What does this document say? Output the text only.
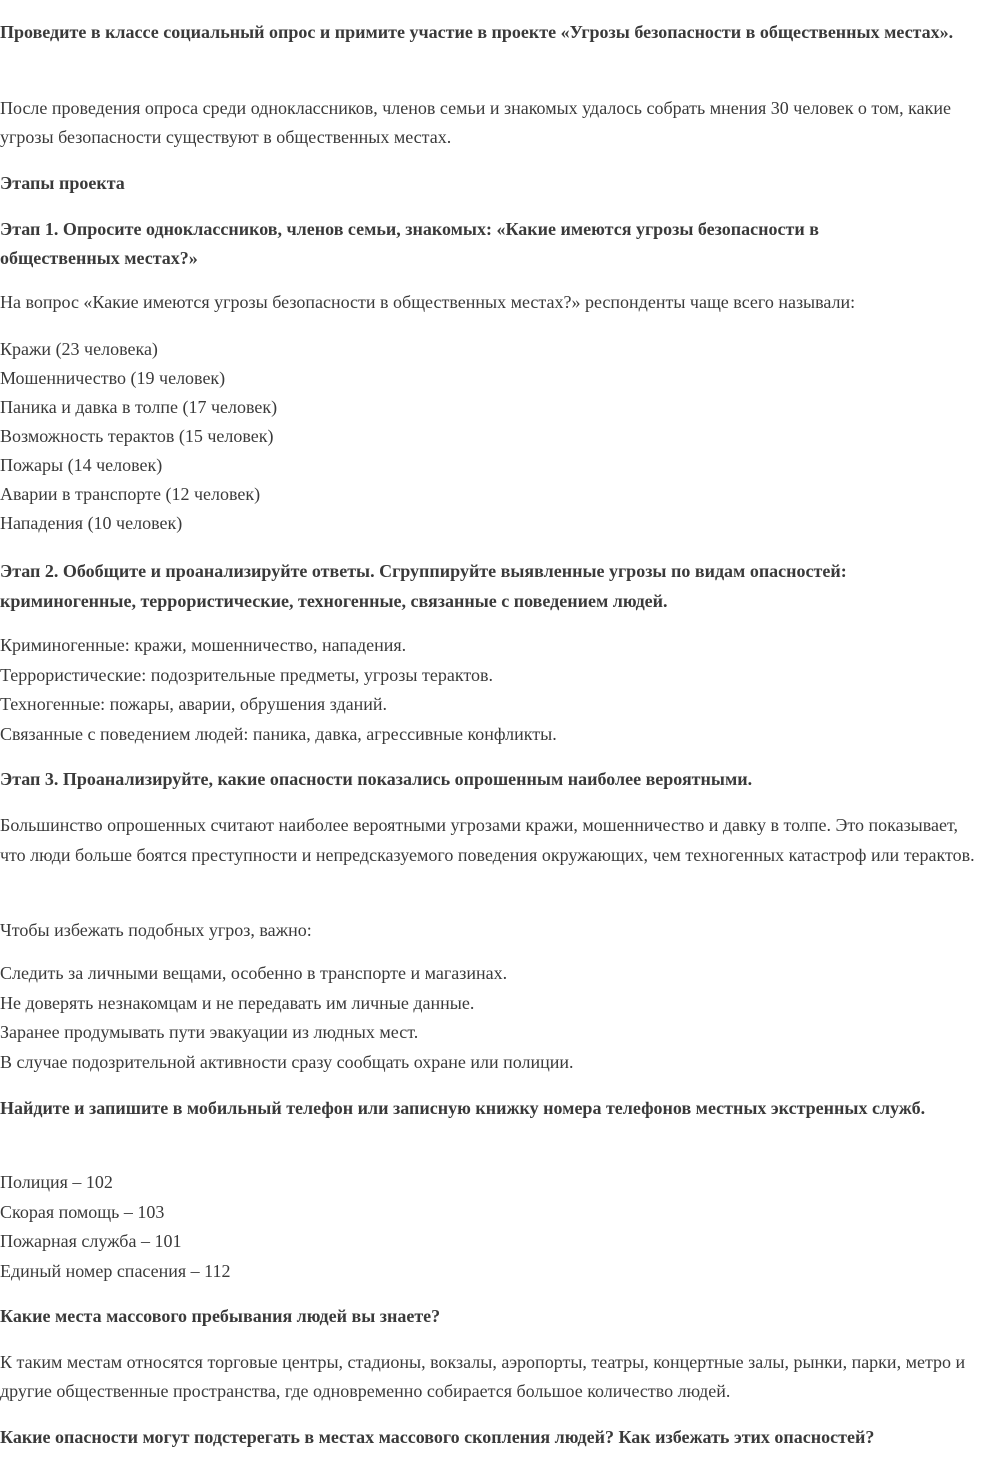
Проведите в классе социальный опрос и примите участие в проекте «Угрозы безопасности в общественных местах».
После проведения опроса среди одноклассников, членов семьи и знакомых удалось собрать мнения 30 человек о том, какие угрозы безопасности существуют в общественных местах.
Этапы проекта
Этап 1. Опросите одноклассников, членов семьи, знакомых: «Какие имеются угрозы безопасности в общественных местах?»
На вопрос «Какие имеются угрозы безопасности в общественных местах?» респонденты чаще всего называли:
Кражи (23 человека)
Мошенничество (19 человек)
Паника и давка в толпе (17 человек)
Возможность терактов (15 человек)
Пожары (14 человек)
Аварии в транспорте (12 человек)
Нападения (10 человек)
Этап 2. Обобщите и проанализируйте ответы. Сгруппируйте выявленные угрозы по видам опасностей: криминогенные, террористические, техногенные, связанные с поведением людей.
Криминогенные: кражи, мошенничество, нападения.
Террористические: подозрительные предметы, угрозы терактов.
Техногенные: пожары, аварии, обрушения зданий.
Связанные с поведением людей: паника, давка, агрессивные конфликты.
Этап 3. Проанализируйте, какие опасности показались опрошенным наиболее вероятными.
Большинство опрошенных считают наиболее вероятными угрозами кражи, мошенничество и давку в толпе. Это показывает, что люди больше боятся преступности и непредсказуемого поведения окружающих, чем техногенных катастроф или терактов.
Чтобы избежать подобных угроз, важно:
Следить за личными вещами, особенно в транспорте и магазинах.
Не доверять незнакомцам и не передавать им личные данные.
Заранее продумывать пути эвакуации из людных мест.
В случае подозрительной активности сразу сообщать охране или полиции.
Найдите и запишите в мобильный телефон или записную книжку номера телефонов местных экстренных служб.
Полиция – 102
Скорая помощь – 103
Пожарная служба – 101
Единый номер спасения – 112
Какие места массового пребывания людей вы знаете?
К таким местам относятся торговые центры, стадионы, вокзалы, аэропорты, театры, концертные залы, рынки, парки, метро и другие общественные пространства, где одновременно собирается большое количество людей.
Какие опасности могут подстерегать в местах массового скопления людей? Как избежать этих опасностей?
